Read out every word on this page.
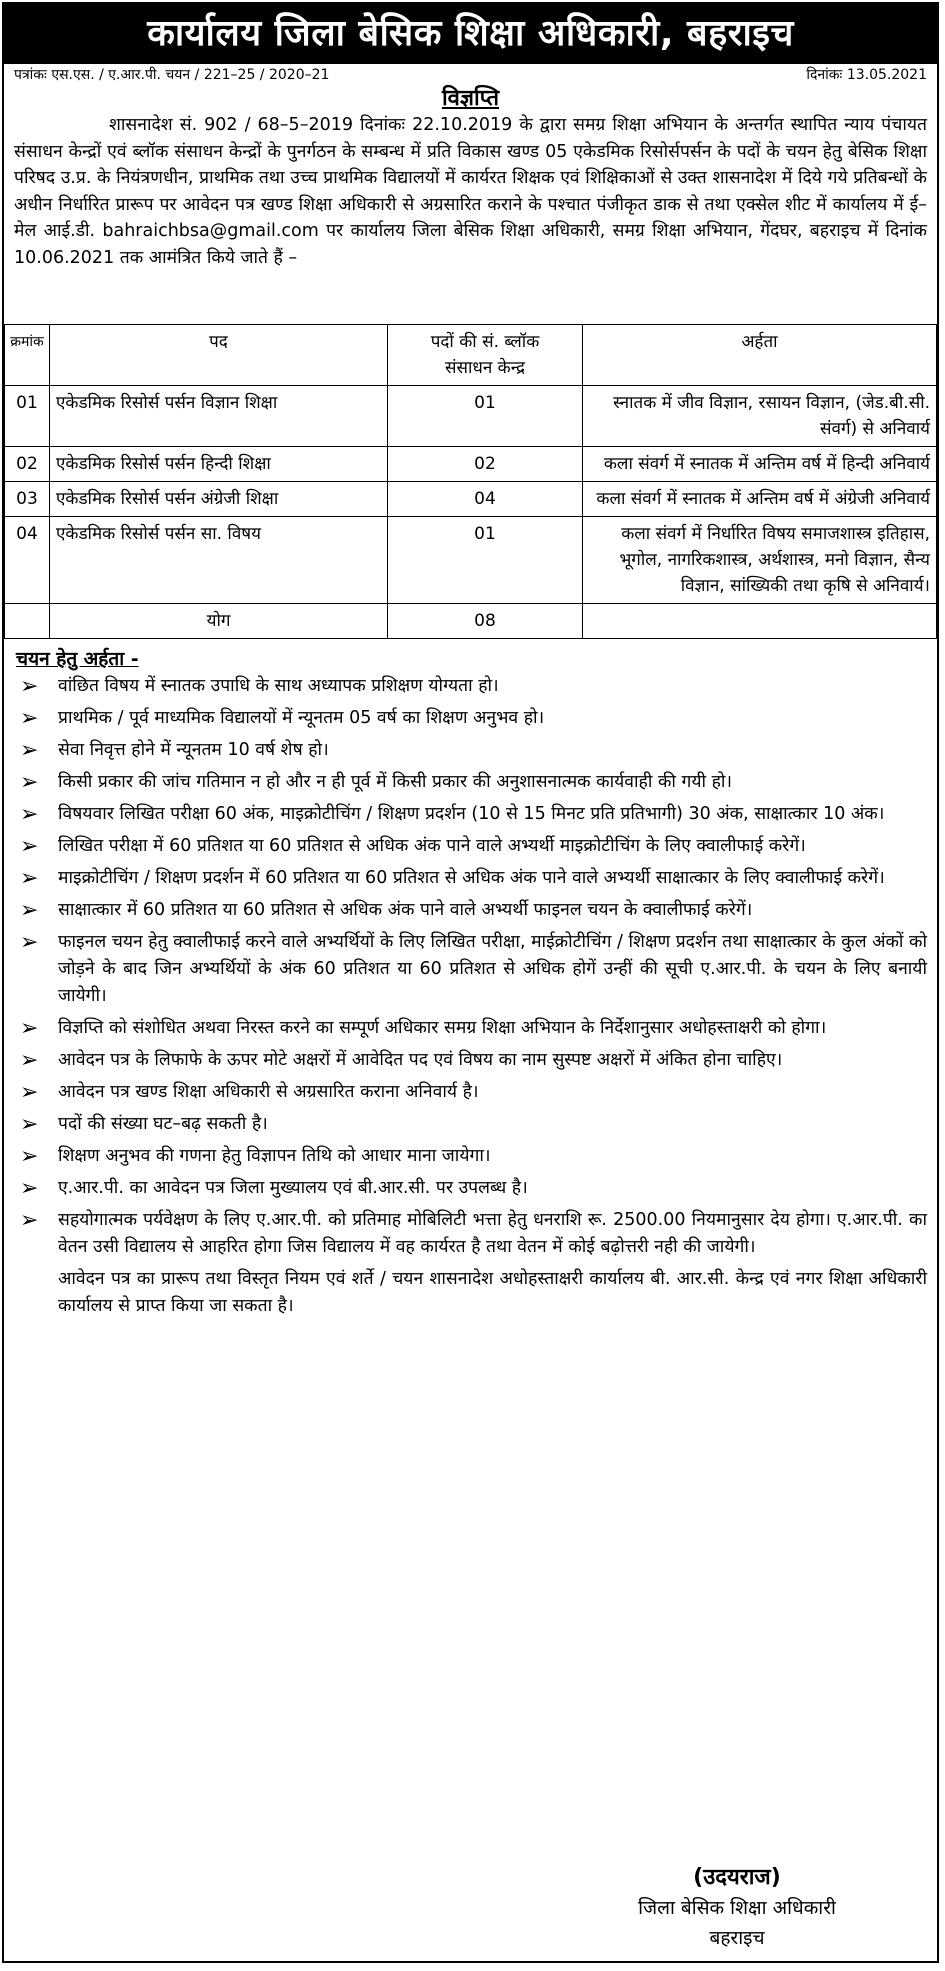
कार्यालय जिला बेसिक शिक्षा अधिकारी, बहराइच
पत्रांकः एस.एस. / ए.आर.पी. चयन / 221–25 / 2020–21	दिनांकः 13.05.2021
विज्ञप्ति
शासनादेश सं. 902 / 68–5–2019 दिनांकः 22.10.2019 के द्वारा समग्र शिक्षा अभियान के अन्तर्गत स्थापित न्याय पंचायत संसाधन केन्द्रों एवं ब्लॉक संसाधन केन्द्रों के पुनर्गठन के सम्बन्ध में प्रति विकास खण्ड 05 एकेडमिक रिसोर्सपर्सन के पदों के चयन हेतु बेसिक शिक्षा परिषद उ.प्र. के नियंत्रणधीन, प्राथमिक तथा उच्च प्राथमिक विद्यालयों में कार्यरत शिक्षक एवं शिक्षिकाओं से उक्त शासनादेश में दिये गये प्रतिबन्धों के अधीन निर्धारित प्रारूप पर आवेदन पत्र खण्ड शिक्षा अधिकारी से अग्रसारित कराने के पश्चात पंजीकृत डाक से तथा एक्सेल शीट में कार्यालय में ई–मेल आई.डी. bahraichbsa@gmail.com पर कार्यालय जिला बेसिक शिक्षा अधिकारी, समग्र शिक्षा अभियान, गेंदघर, बहराइच में दिनांक 10.06.2021 तक आमंत्रित किये जाते हैं –
क्रमांक	पद	पदों की सं. ब्लॉक संसाधन केन्द्र	अर्हता
01	एकेडमिक रिसोर्स पर्सन विज्ञान शिक्षा	01	स्नातक में जीव विज्ञान, रसायन विज्ञान, (जेड.बी.सी. संवर्ग) से अनिवार्य
02	एकेडमिक रिसोर्स पर्सन हिन्दी शिक्षा	02	कला संवर्ग में स्नातक में अन्तिम वर्ष में हिन्दी अनिवार्य
03	एकेडमिक रिसोर्स पर्सन अंग्रेजी शिक्षा	04	कला संवर्ग में स्नातक में अन्तिम वर्ष में अंग्रेजी अनिवार्य
04	एकेडमिक रिसोर्स पर्सन सा. विषय	01	कला संवर्ग में निर्धारित विषय समाजशास्त्र इतिहास, भूगोल, नागरिकशास्त्र, अर्थशास्त्र, मनो विज्ञान, सैन्य विज्ञान, सांख्यिकी तथा कृषि से अनिवार्य।
	योग	08	
चयन हेतु अर्हता -
➢ वांछित विषय में स्नातक उपाधि के साथ अध्यापक प्रशिक्षण योग्यता हो।
➢ प्राथमिक / पूर्व माध्यमिक विद्यालयों में न्यूनतम 05 वर्ष का शिक्षण अनुभव हो।
➢ सेवा निवृत्त होने में न्यूनतम 10 वर्ष शेष हो।
➢ किसी प्रकार की जांच गतिमान न हो और न ही पूर्व में किसी प्रकार की अनुशासनात्मक कार्यवाही की गयी हो।
➢ विषयवार लिखित परीक्षा 60 अंक, माइक्रोटीचिंग / शिक्षण प्रदर्शन (10 से 15 मिनट प्रति प्रतिभागी) 30 अंक, साक्षात्कार 10 अंक।
➢ लिखित परीक्षा में 60 प्रतिशत या 60 प्रतिशत से अधिक अंक पाने वाले अभ्यर्थी माइक्रोटीचिंग के लिए क्वालीफाई करेगें।
➢ माइक्रोटीचिंग / शिक्षण प्रदर्शन में 60 प्रतिशत या 60 प्रतिशत से अधिक अंक पाने वाले अभ्यर्थी साक्षात्कार के लिए क्वालीफाई करेगें।
➢ साक्षात्कार में 60 प्रतिशत या 60 प्रतिशत से अधिक अंक पाने वाले अभ्यर्थी फाइनल चयन के क्वालीफाई करेगें।
➢ फाइनल चयन हेतु क्वालीफाई करने वाले अभ्यर्थियों के लिए लिखित परीक्षा, माईक्रोटीचिंग / शिक्षण प्रदर्शन तथा साक्षात्कार के कुल अंकों को जोड़ने के बाद जिन अभ्यर्थियों के अंक 60 प्रतिशत या 60 प्रतिशत से अधिक होगें उन्हीं की सूची ए.आर.पी. के चयन के लिए बनायी जायेगी।
➢ विज्ञप्ति को संशोधित अथवा निरस्त करने का सम्पूर्ण अधिकार समग्र शिक्षा अभियान के निर्देशानुसार अधोहस्ताक्षरी को होगा।
➢ आवेदन पत्र के लिफाफे के ऊपर मोटे अक्षरों में आवेदित पद एवं विषय का नाम सुस्पष्ट अक्षरों में अंकित होना चाहिए।
➢ आवेदन पत्र खण्ड शिक्षा अधिकारी से अग्रसारित कराना अनिवार्य है।
➢ पदों की संख्या घट–बढ़ सकती है।
➢ शिक्षण अनुभव की गणना हेतु विज्ञापन तिथि को आधार माना जायेगा।
➢ ए.आर.पी. का आवेदन पत्र जिला मुख्यालय एवं बी.आर.सी. पर उपलब्ध है।
➢ सहयोगात्मक पर्यवेक्षण के लिए ए.आर.पी. को प्रतिमाह मोबिलिटी भत्ता हेतु धनराशि रू. 2500.00 नियमानुसार देय होगा। ए.आर.पी. का वेतन उसी विद्यालय से आहरित होगा जिस विद्यालय में वह कार्यरत है तथा वेतन में कोई बढ़ोत्तरी नही की जायेगी।
आवेदन पत्र का प्रारूप तथा विस्तृत नियम एवं शर्ते / चयन शासनादेश अधोहस्ताक्षरी कार्यालय बी. आर.सी. केन्द्र एवं नगर शिक्षा अधिकारी कार्यालय से प्राप्त किया जा सकता है।
(उदयराज)
जिला बेसिक शिक्षा अधिकारी
बहराइच
